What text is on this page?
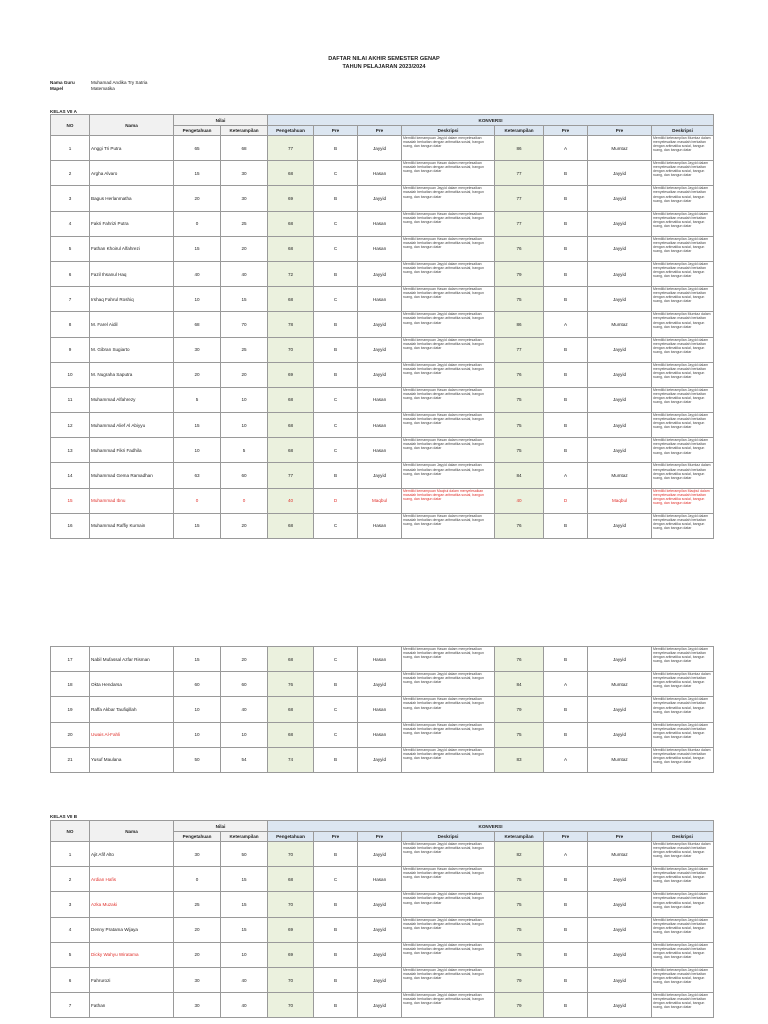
DAFTAR NILAI AKHIR SEMESTER GENAP
TAHUN PELAJARAN 2023/2024
Nama Guru	Muhamad Andika Try Satria
Mapel	Matematika
KELAS VII A
NO	Nama	Nilai		KONVERSI							
		Pengetahuan	Keterampilan	Pengetahuan	Pre	Pre	Deskripsi	Keterampilan	Pre	Pre	Deskripsi
1	Anggi Tri Putra	65	68	77	B	Jayyid	Memiliki kemampuan Jayyid dalam menyelesaikan masalah berkaitan dengan aritmatika sosial, bangun ruang, dan bangun datar	86	A	Mumtaz	Memiliki keterampilan Mumtaz dalam menyelesaikan masalah berkaitan dengan aritmatika sosial, bangun ruang, dan bangun datar
2	Argha Alvaro	15	30	68	C	Hasan	Memiliki kemampuan Hasan dalam menyelesaikan masalah berkaitan dengan aritmatika sosial, bangun ruang, dan bangun datar	77	B	Jayyid	Memiliki keterampilan Jayyid dalam menyelesaikan masalah berkaitan dengan aritmatika sosial, bangun ruang, dan bangun datar
3	Bagus Herlanmatha	20	30	69	B	Jayyid	Memiliki kemampuan Jayyid dalam menyelesaikan masalah berkaitan dengan aritmatika sosial, bangun ruang, dan bangun datar	77	B	Jayyid	Memiliki keterampilan Jayyid dalam menyelesaikan masalah berkaitan dengan aritmatika sosial, bangun ruang, dan bangun datar
4	Fakri Fahrizi Putra	0	25	68	C	Hasan	Memiliki kemampuan Hasan dalam menyelesaikan masalah berkaitan dengan aritmatika sosial, bangun ruang, dan bangun datar	77	B	Jayyid	Memiliki keterampilan Jayyid dalam menyelesaikan masalah berkaitan dengan aritmatika sosial, bangun ruang, dan bangun datar
5	Fathan Khoirul Alfahrezi	15	20	68	C	Hasan	Memiliki kemampuan Hasan dalam menyelesaikan masalah berkaitan dengan aritmatika sosial, bangun ruang, dan bangun datar	76	B	Jayyid	Memiliki keterampilan Jayyid dalam menyelesaikan masalah berkaitan dengan aritmatika sosial, bangun ruang, dan bangun datar
6	Fazil Ihsanul Haq	40	40	72	B	Jayyid	Memiliki kemampuan Jayyid dalam menyelesaikan masalah berkaitan dengan aritmatika sosial, bangun ruang, dan bangun datar	79	B	Jayyid	Memiliki keterampilan Jayyid dalam menyelesaikan masalah berkaitan dengan aritmatika sosial, bangun ruang, dan bangun datar
7	Irshaq Fahrul Roshiq	10	15	68	C	Hasan	Memiliki kemampuan Hasan dalam menyelesaikan masalah berkaitan dengan aritmatika sosial, bangun ruang, dan bangun datar	75	B	Jayyid	Memiliki keterampilan Jayyid dalam menyelesaikan masalah berkaitan dengan aritmatika sosial, bangun ruang, dan bangun datar
8	M. Farel Aidil	68	70	78	B	Jayyid	Memiliki kemampuan Jayyid dalam menyelesaikan masalah berkaitan dengan aritmatika sosial, bangun ruang, dan bangun datar	86	A	Mumtaz	Memiliki keterampilan Mumtaz dalam menyelesaikan masalah berkaitan dengan aritmatika sosial, bangun ruang, dan bangun datar
9	M. Gibran Sugiarto	30	25	70	B	Jayyid	Memiliki kemampuan Jayyid dalam menyelesaikan masalah berkaitan dengan aritmatika sosial, bangun ruang, dan bangun datar	77	B	Jayyid	Memiliki keterampilan Jayyid dalam menyelesaikan masalah berkaitan dengan aritmatika sosial, bangun ruang, dan bangun datar
10	M. Nugraha Saputra	20	20	69	B	Jayyid	Memiliki kemampuan Jayyid dalam menyelesaikan masalah berkaitan dengan aritmatika sosial, bangun ruang, dan bangun datar	76	B	Jayyid	Memiliki keterampilan Jayyid dalam menyelesaikan masalah berkaitan dengan aritmatika sosial, bangun ruang, dan bangun datar
11	Muhammad Alfahrezy	5	10	68	C	Hasan	Memiliki kemampuan Hasan dalam menyelesaikan masalah berkaitan dengan aritmatika sosial, bangun ruang, dan bangun datar	75	B	Jayyid	Memiliki keterampilan Jayyid dalam menyelesaikan masalah berkaitan dengan aritmatika sosial, bangun ruang, dan bangun datar
12	Muhammad Alief Al Abiyyu	15	10	68	C	Hasan	Memiliki kemampuan Hasan dalam menyelesaikan masalah berkaitan dengan aritmatika sosial, bangun ruang, dan bangun datar	75	B	Jayyid	Memiliki keterampilan Jayyid dalam menyelesaikan masalah berkaitan dengan aritmatika sosial, bangun ruang, dan bangun datar
13	Muhammad Fikri Fadhila	10	5	68	C	Hasan	Memiliki kemampuan Hasan dalam menyelesaikan masalah berkaitan dengan aritmatika sosial, bangun ruang, dan bangun datar	75	B	Jayyid	Memiliki keterampilan Jayyid dalam menyelesaikan masalah berkaitan dengan aritmatika sosial, bangun ruang, dan bangun datar
14	Muhammad Gema Ramadhan	63	60	77	B	Jayyid	Memiliki kemampuan Jayyid dalam menyelesaikan masalah berkaitan dengan aritmatika sosial, bangun ruang, dan bangun datar	84	A	Mumtaz	Memiliki keterampilan Mumtaz dalam menyelesaikan masalah berkaitan dengan aritmatika sosial, bangun ruang, dan bangun datar
15	Muhammad Ibnu	0	0	40	D	Maqbul	Memiliki kemampuan Maqbul dalam menyelesaikan masalah berkaitan dengan aritmatika sosial, bangun ruang, dan bangun datar	40	D	Maqbul	Memiliki keterampilan Maqbul dalam menyelesaikan masalah berkaitan dengan aritmatika sosial, bangun ruang, dan bangun datar
16	Muhammad Raffiy Kurnain	15	20	68	C	Hasan	Memiliki kemampuan Hasan dalam menyelesaikan masalah berkaitan dengan aritmatika sosial, bangun ruang, dan bangun datar	76	B	Jayyid	Memiliki keterampilan Jayyid dalam menyelesaikan masalah berkaitan dengan aritmatika sosial, bangun ruang, dan bangun datar
17	Nabil Mufassal Azfar Risman	15	20	68	C	Hasan	Memiliki kemampuan Hasan dalam menyelesaikan masalah berkaitan dengan aritmatika sosial, bangun ruang, dan bangun datar	76	B	Jayyid	Memiliki keterampilan Jayyid dalam menyelesaikan masalah berkaitan dengan aritmatika sosial, bangun ruang, dan bangun datar
18	Okta Hendarsa	60	60	76	B	Jayyid	Memiliki kemampuan Jayyid dalam menyelesaikan masalah berkaitan dengan aritmatika sosial, bangun ruang, dan bangun datar	84	A	Mumtaz	Memiliki keterampilan Mumtaz dalam menyelesaikan masalah berkaitan dengan aritmatika sosial, bangun ruang, dan bangun datar
19	Raffa Akbar Taufiqillah	10	40	68	C	Hasan	Memiliki kemampuan Hasan dalam menyelesaikan masalah berkaitan dengan aritmatika sosial, bangun ruang, dan bangun datar	79	B	Jayyid	Memiliki keterampilan Jayyid dalam menyelesaikan masalah berkaitan dengan aritmatika sosial, bangun ruang, dan bangun datar
20	Uwais Al-Fahli	10	10	68	C	Hasan	Memiliki kemampuan Hasan dalam menyelesaikan masalah berkaitan dengan aritmatika sosial, bangun ruang, dan bangun datar	75	B	Jayyid	Memiliki keterampilan Jayyid dalam menyelesaikan masalah berkaitan dengan aritmatika sosial, bangun ruang, dan bangun datar
21	Yusuf Maulana	50	54	74	B	Jayyid	Memiliki kemampuan Jayyid dalam menyelesaikan masalah berkaitan dengan aritmatika sosial, bangun ruang, dan bangun datar	83	A	Mumtaz	Memiliki keterampilan Mumtaz dalam menyelesaikan masalah berkaitan dengan aritmatika sosial, bangun ruang, dan bangun datar
KELAS VII B
NO	Nama	Nilai		KONVERSI							
		Pengetahuan	Keterampilan	Pengetahuan	Pre	Pre	Deskripsi	Keterampilan	Pre	Pre	Deskripsi
1	Ajit Afif Alto	30	50	70	B	Jayyid	Memiliki kemampuan Jayyid dalam menyelesaikan masalah berkaitan dengan aritmatika sosial, bangun ruang, dan bangun datar	82	A	Mumtaz	Memiliki keterampilan Mumtaz dalam menyelesaikan masalah berkaitan dengan aritmatika sosial, bangun ruang, dan bangun datar
2	Ardian Hafis	0	15	68	C	Hasan	Memiliki kemampuan Hasan dalam menyelesaikan masalah berkaitan dengan aritmatika sosial, bangun ruang, dan bangun datar	75	B	Jayyid	Memiliki keterampilan Jayyid dalam menyelesaikan masalah berkaitan dengan aritmatika sosial, bangun ruang, dan bangun datar
3	Azka Muzaki	25	15	70	B	Jayyid	Memiliki kemampuan Jayyid dalam menyelesaikan masalah berkaitan dengan aritmatika sosial, bangun ruang, dan bangun datar	75	B	Jayyid	Memiliki keterampilan Jayyid dalam menyelesaikan masalah berkaitan dengan aritmatika sosial, bangun ruang, dan bangun datar
4	Denny Pratama Wijaya	20	15	69	B	Jayyid	Memiliki kemampuan Jayyid dalam menyelesaikan masalah berkaitan dengan aritmatika sosial, bangun ruang, dan bangun datar	75	B	Jayyid	Memiliki keterampilan Jayyid dalam menyelesaikan masalah berkaitan dengan aritmatika sosial, bangun ruang, dan bangun datar
5	Dicky Wahyu Wiratama	20	10	69	B	Jayyid	Memiliki kemampuan Jayyid dalam menyelesaikan masalah berkaitan dengan aritmatika sosial, bangun ruang, dan bangun datar	75	B	Jayyid	Memiliki keterampilan Jayyid dalam menyelesaikan masalah berkaitan dengan aritmatika sosial, bangun ruang, dan bangun datar
6	Fahrurozi	30	40	70	B	Jayyid	Memiliki kemampuan Jayyid dalam menyelesaikan masalah berkaitan dengan aritmatika sosial, bangun ruang, dan bangun datar	79	B	Jayyid	Memiliki keterampilan Jayyid dalam menyelesaikan masalah berkaitan dengan aritmatika sosial, bangun ruang, dan bangun datar
7	Fathan	30	40	70	B	Jayyid	Memiliki kemampuan Jayyid dalam menyelesaikan masalah berkaitan dengan aritmatika sosial, bangun ruang, dan bangun datar	79	B	Jayyid	Memiliki keterampilan Jayyid dalam menyelesaikan masalah berkaitan dengan aritmatika sosial, bangun ruang, dan bangun datar
